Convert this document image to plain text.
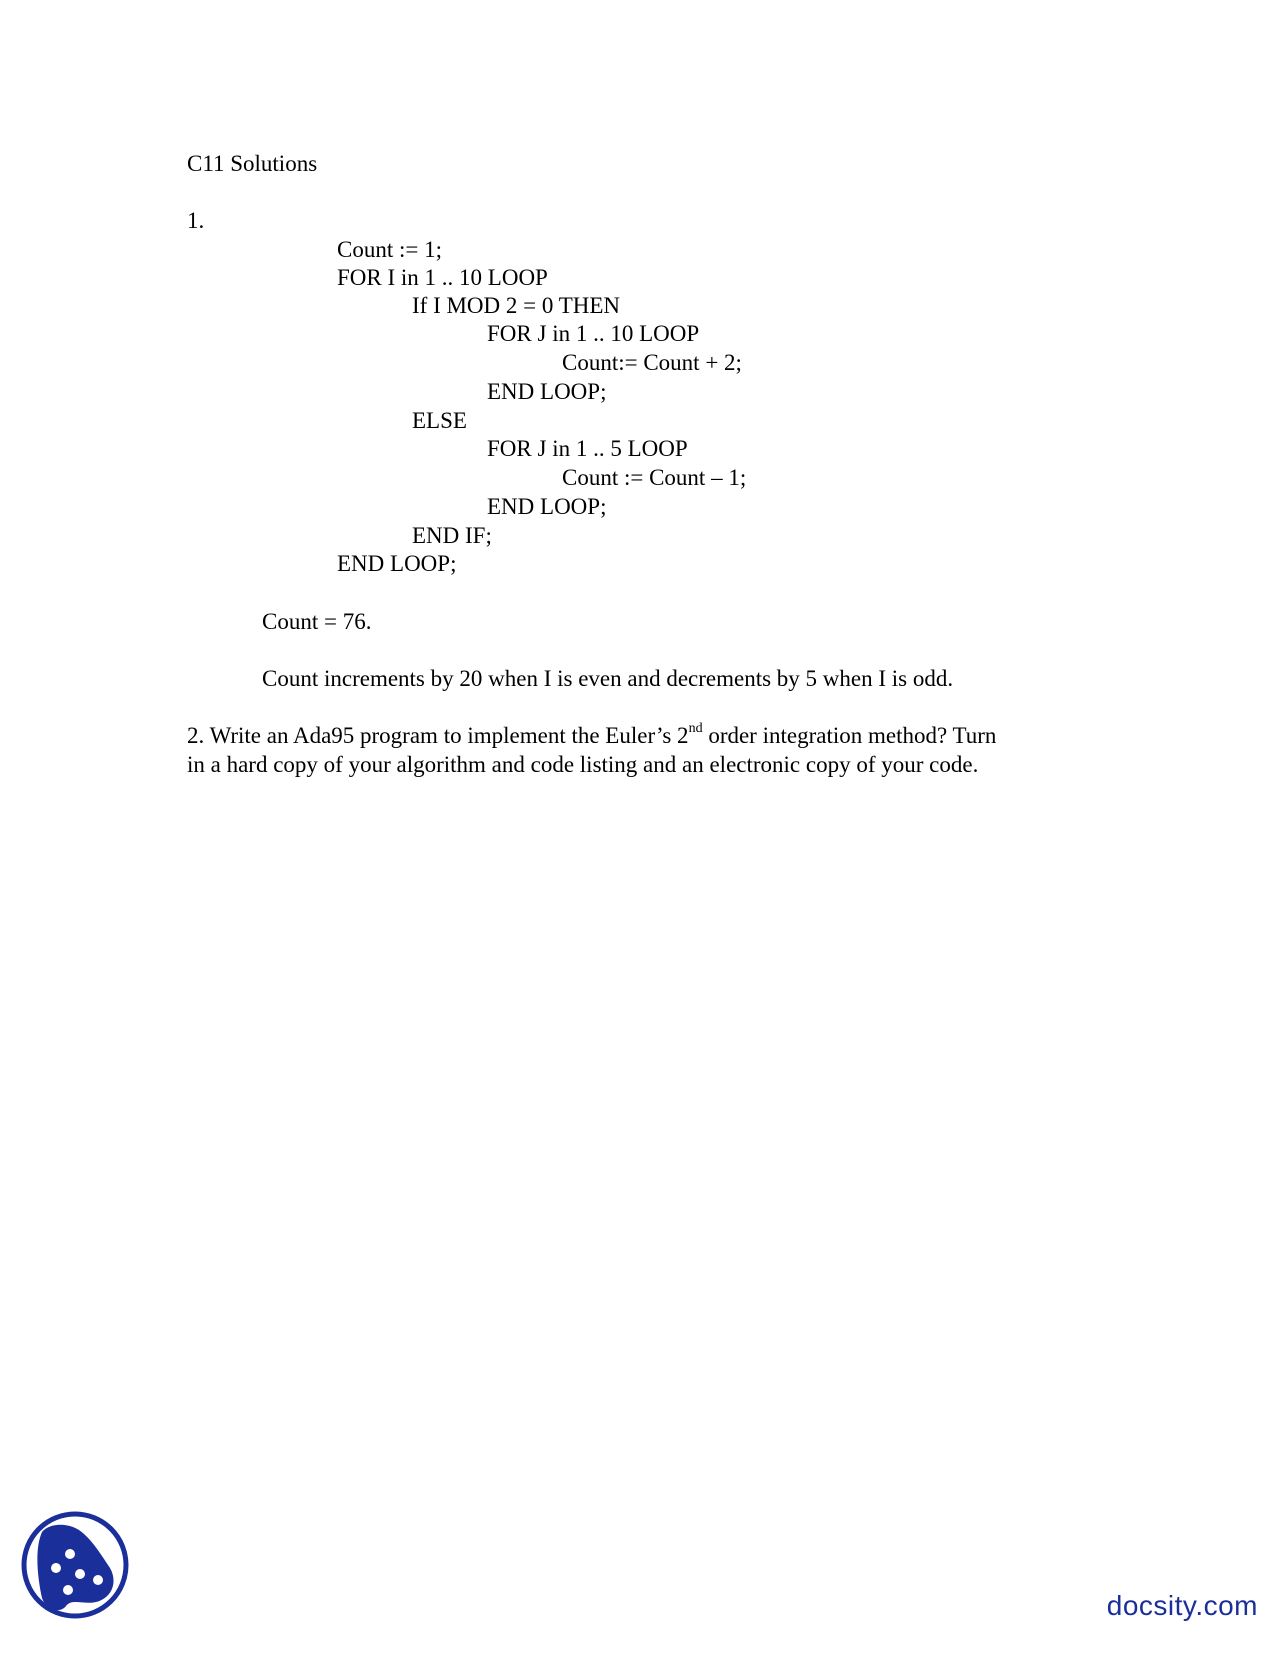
C11 Solutions
1.
Count := 1;
FOR I in 1 .. 10 LOOP
If I MOD 2 = 0 THEN
FOR J in 1 .. 10 LOOP
Count:= Count + 2;
END LOOP;
ELSE
FOR J in 1 .. 5 LOOP
Count := Count – 1;
END LOOP;
END IF;
END LOOP;
Count = 76.
Count increments by 20 when I is even and decrements by 5 when I is odd.
2. Write an Ada95 program to implement the Euler’s 2nd order integration method? Turn
in a hard copy of your algorithm and code listing and an electronic copy of your code.
docsity.com
